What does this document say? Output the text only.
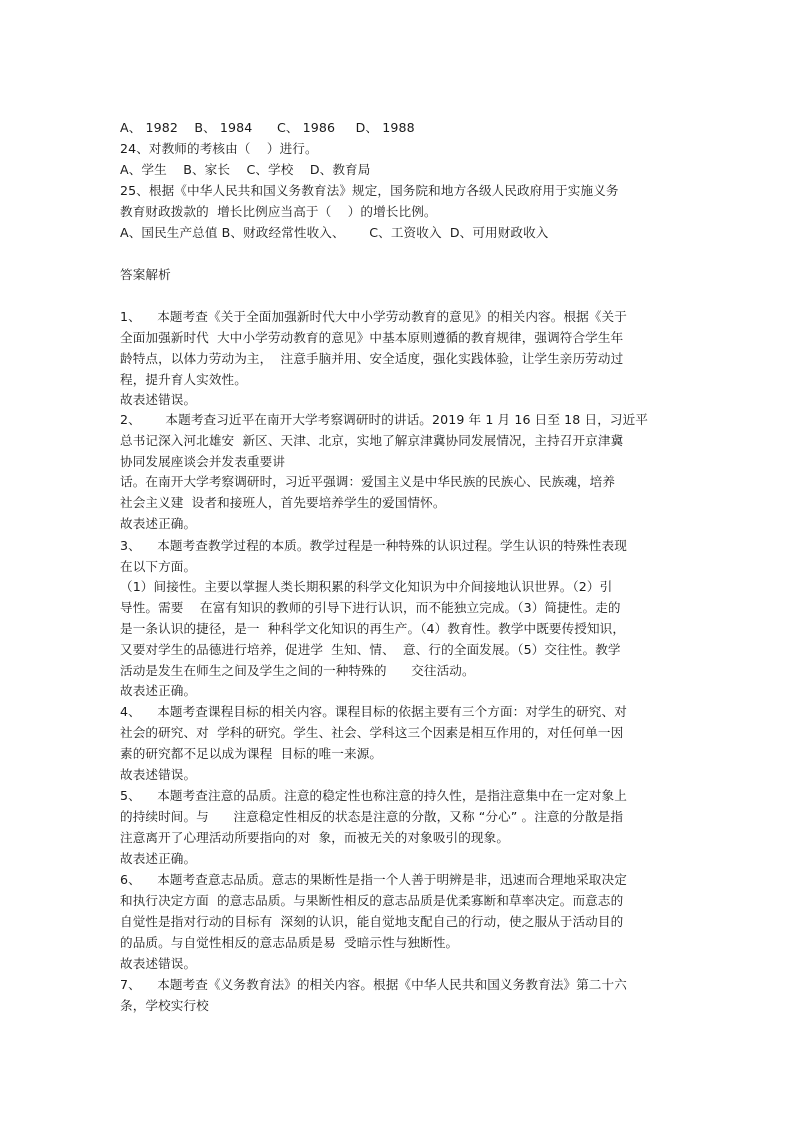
A、 1982    B、 1984      C、 1986     D、 1988
24、对教师的考核由（    ）进行。
A、学生    B、家长    C、学校    D、教育局
25、根据《中华人民共和国义务教育法》规定，国务院和地方各级人民政府用于实施义务
教育财政拨款的  增长比例应当高于（    ）的增长比例。
A、国民生产总值 B、财政经常性收入、      C、工资收入  D、可用财政收入
答案解析
1、    本题考查《关于全面加强新时代大中小学劳动教育的意见》的相关内容。根据《关于
全面加强新时代  大中小学劳动教育的意见》中基本原则遵循的教育规律，强调符合学生年
龄特点，以体力劳动为主，  注意手脑并用、安全适度，强化实践体验，让学生亲历劳动过
程，提升育人实效性。
故表述错误。
2、      本题考查习近平在南开大学考察调研时的讲话。2019 年 1 月 16 日至 18 日，习近平
总书记深入河北雄安  新区、天津、北京，实地了解京津冀协同发展情况，主持召开京津冀
协同发展座谈会并发表重要讲
话。在南开大学考察调研时，习近平强调：爱国主义是中华民族的民族心、民族魂，培养
社会主义建  设者和接班人，首先要培养学生的爱国情怀。
故表述正确。
3、    本题考查教学过程的本质。教学过程是一种特殊的认识过程。学生认识的特殊性表现
在以下方面。
（1）间接性。主要以掌握人类长期积累的科学文化知识为中介间接地认识世界。（2）引
导性。需要    在富有知识的教师的引导下进行认识，而不能独立完成。（3）简捷性。走的
是一条认识的捷径，是一  种科学文化知识的再生产。（4）教育性。教学中既要传授知识，
又要对学生的品德进行培养，促进学  生知、情、  意、行的全面发展。（5）交往性。教学
活动是发生在师生之间及学生之间的一种特殊的      交往活动。
故表述正确。
4、    本题考查课程目标的相关内容。课程目标的依据主要有三个方面：对学生的研究、对
社会的研究、对  学科的研究。学生、社会、学科这三个因素是相互作用的，对任何单一因
素的研究都不足以成为课程  目标的唯一来源。
故表述错误。
5、    本题考查注意的品质。注意的稳定性也称注意的持久性，是指注意集中在一定对象上
的持续时间。与      注意稳定性相反的状态是注意的分散，又称 “分心” 。注意的分散是指
注意离开了心理活动所要指向的对  象，而被无关的对象吸引的现象。
故表述正确。
6、    本题考查意志品质。意志的果断性是指一个人善于明辨是非，迅速而合理地采取决定
和执行决定方面  的意志品质。与果断性相反的意志品质是优柔寡断和草率决定。而意志的
自觉性是指对行动的目标有  深刻的认识，能自觉地支配自己的行动，使之服从于活动目的
的品质。与自觉性相反的意志品质是易  受暗示性与独断性。
故表述错误。
7、    本题考查《义务教育法》的相关内容。根据《中华人民共和国义务教育法》第二十六
条，学校实行校
